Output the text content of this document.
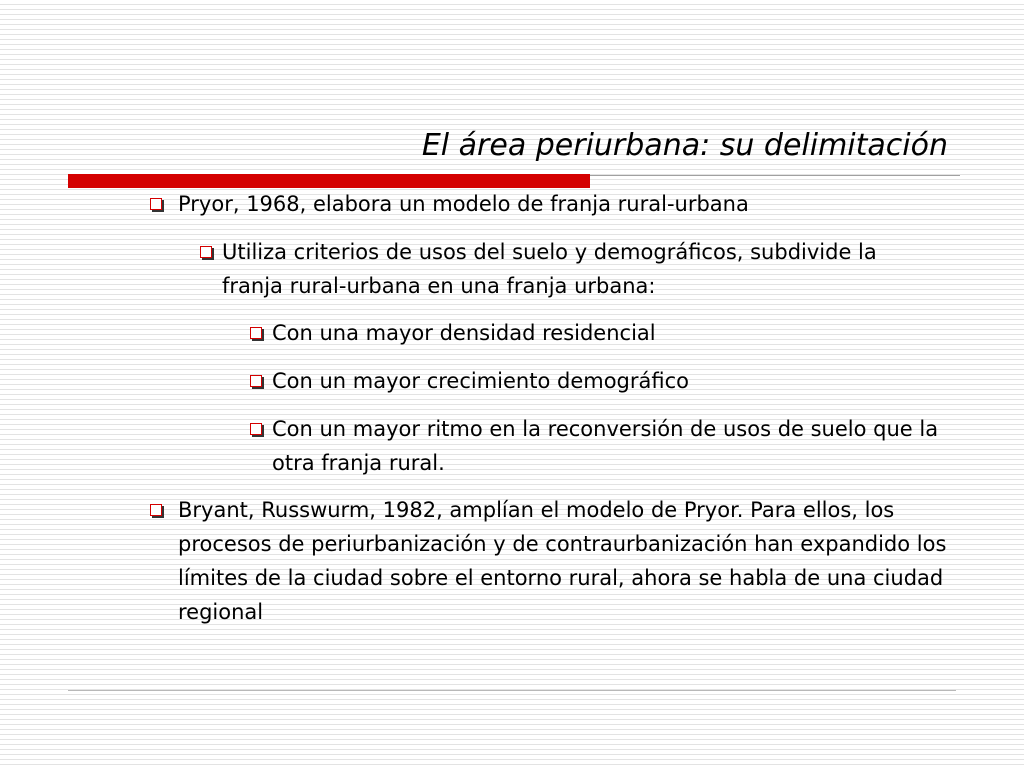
El área periurbana: su delimitación
Pryor, 1968, elabora un modelo de franja rural-urbana
Utiliza criterios de usos del suelo y demográficos, subdivide la franja rural-urbana en una franja urbana:
Con una mayor densidad residencial
Con un mayor crecimiento demográfico
Con un mayor ritmo en la reconversión de usos de suelo que la otra franja rural.
Bryant, Russwurm, 1982, amplían el modelo de Pryor. Para ellos, los procesos de periurbanización y de contraurbanización han expandido los límites de la ciudad sobre el entorno rural, ahora se habla de una ciudad regional
